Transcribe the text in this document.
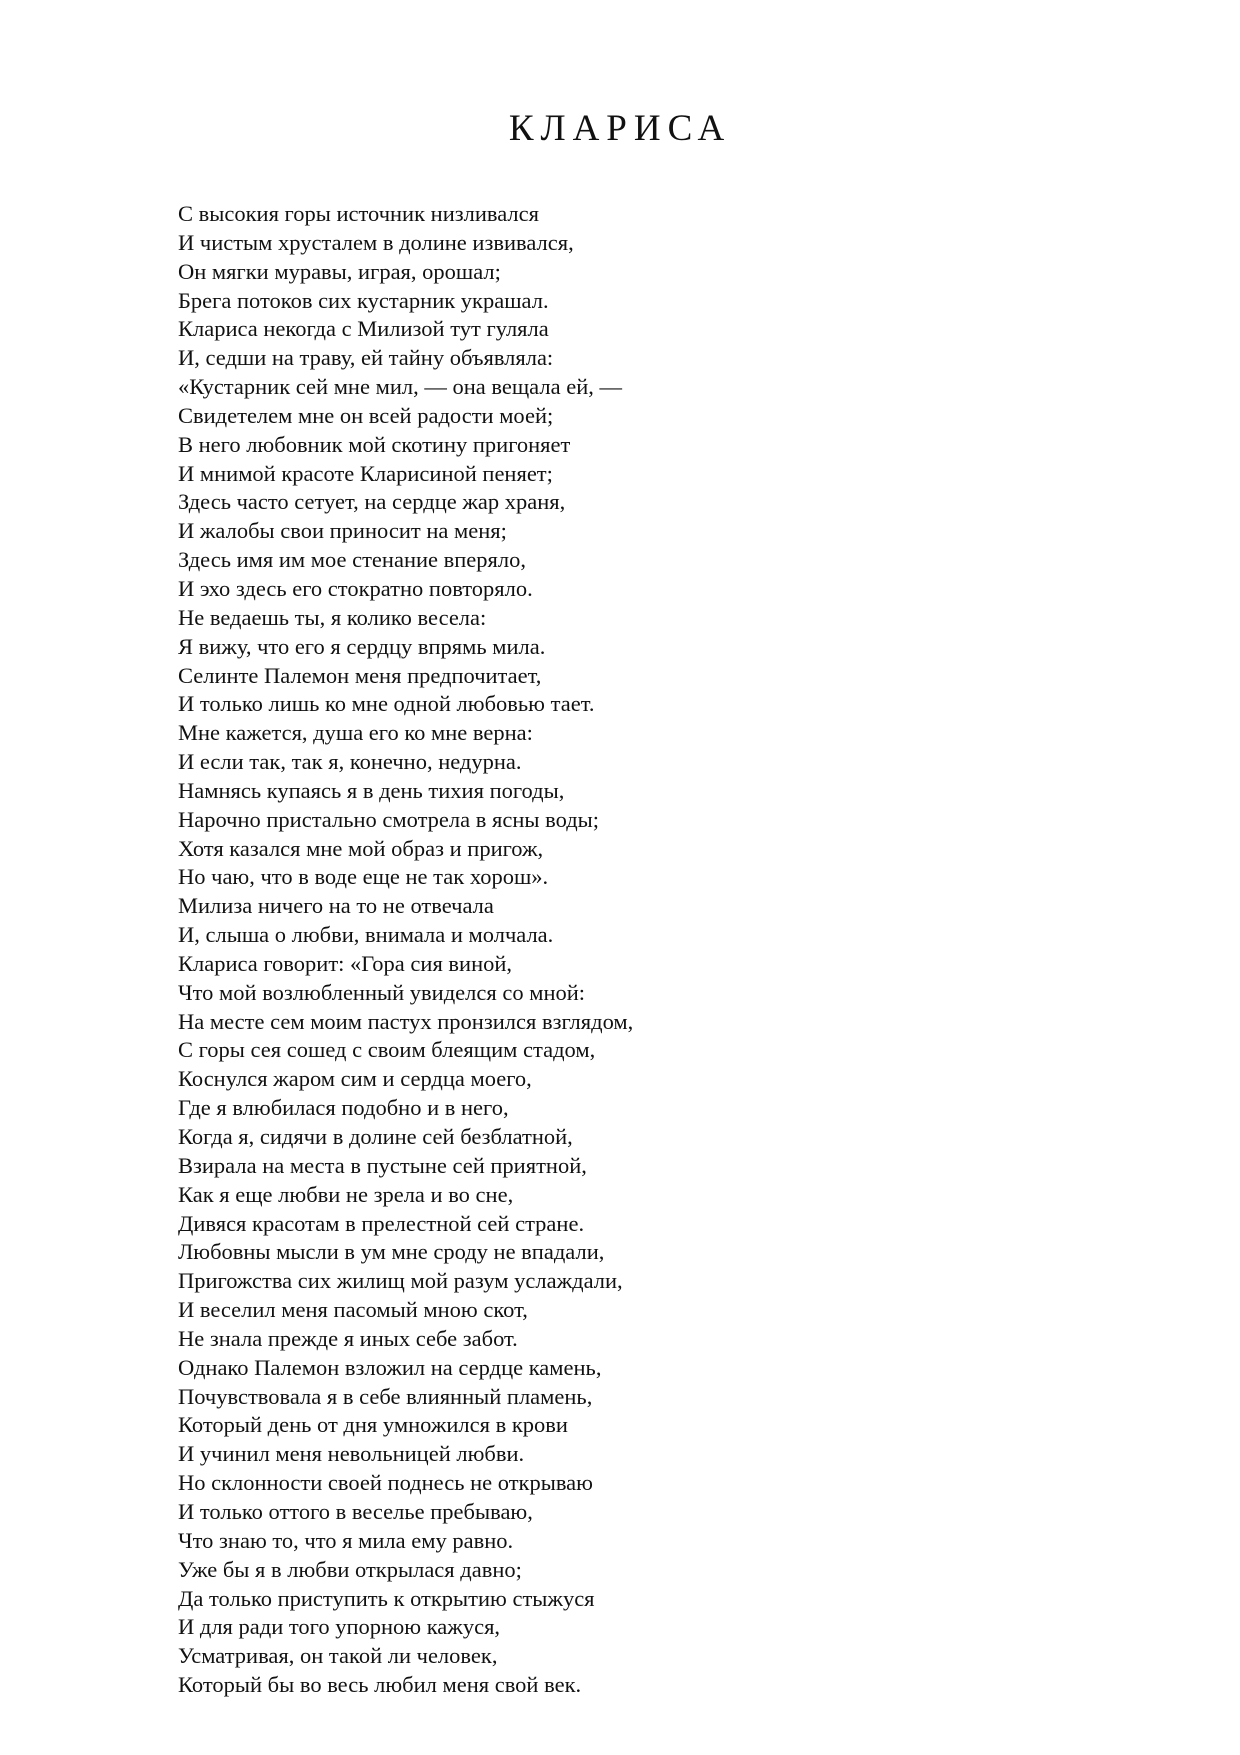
КЛАРИСА
С высокия горы источник низливался
И чистым хрусталем в долине извивался,
Он мягки муравы, играя, орошал;
Брега потоков сих кустарник украшал.
Клариса некогда с Милизой тут гуляла
И, седши на траву, ей тайну объявляла:
«Кустарник сей мне мил, — она вещала ей, —
Свидетелем мне он всей радости моей;
В него любовник мой скотину пригоняет
И мнимой красоте Кларисиной пеняет;
Здесь часто сетует, на сердце жар храня,
И жалобы свои приносит на меня;
Здесь имя им мое стенание вперяло,
И эхо здесь его стократно повторяло.
Не ведаешь ты, я колико весела:
Я вижу, что его я сердцу впрямь мила.
Селинте Палемон меня предпочитает,
И только лишь ко мне одной любовью тает.
Мне кажется, душа его ко мне верна:
И если так, так я, конечно, недурна.
Намнясь купаясь я в день тихия погоды,
Нарочно пристально смотрела в ясны воды;
Хотя казался мне мой образ и пригож,
Но чаю, что в воде еще не так хорош».
Милиза ничего на то не отвечала
И, слыша о любви, внимала и молчала.
Клариса говорит: «Гора сия виной,
Что мой возлюбленный увиделся со мной:
На месте сем моим пастух пронзился взглядом,
С горы сея сошед с своим блеящим стадом,
Коснулся жаром сим и сердца моего,
Где я влюбилася подобно и в него,
Когда я, сидячи в долине сей безблатной,
Взирала на места в пустыне сей приятной,
Как я еще любви не зрела и во сне,
Дивяся красотам в прелестной сей стране.
Любовны мысли в ум мне сроду не впадали,
Пригожства сих жилищ мой разум услаждали,
И веселил меня пасомый мною скот,
Не знала прежде я иных себе забот.
Однако Палемон взложил на сердце камень,
Почувствовала я в себе влиянный пламень,
Который день от дня умножился в крови
И учинил меня невольницей любви.
Но склонности своей поднесь не открываю
И только оттого в веселье пребываю,
Что знаю то, что я мила ему равно.
Уже бы я в любви открылася давно;
Да только приступить к открытию стыжуся
И для ради того упорною кажуся,
Усматривая, он такой ли человек,
Который бы во весь любил меня свой век.
